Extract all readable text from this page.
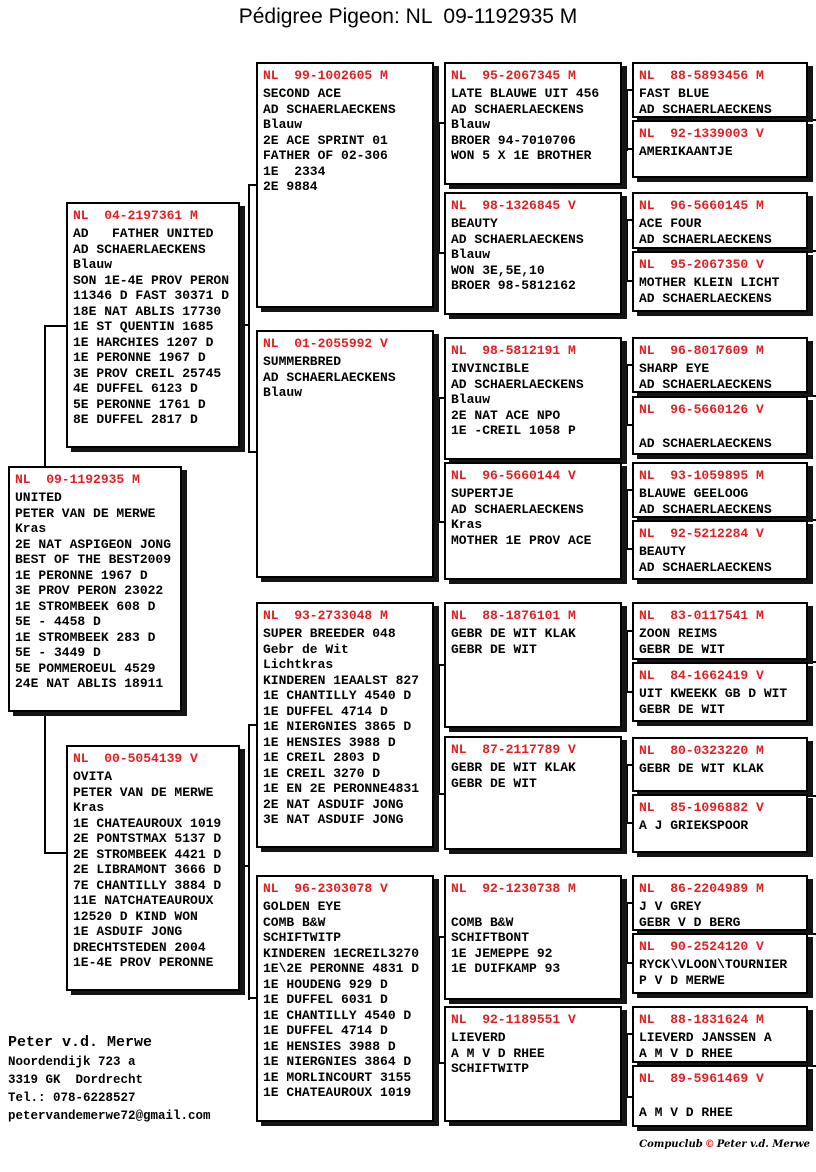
Pédigree Pigeon: NL  09-1192935 M
NL  09-1192935 M
UNITED
PETER VAN DE MERWE
Kras
2E NAT ASPIGEON JONG
BEST OF THE BEST2009
1E PERONNE 1967 D
3E PROV PERON 23022
1E STROMBEEK 608 D
5E - 4458 D
1E STROMBEEK 283 D
5E - 3449 D
5E POMMEROEUL 4529
24E NAT ABLIS 18911
NL  04-2197361 M
AD   FATHER UNITED
AD SCHAERLAECKENS
Blauw
SON 1E-4E PROV PERON
11346 D FAST 30371 D
18E NAT ABLIS 17730
1E ST QUENTIN 1685
1E HARCHIES 1207 D
1E PERONNE 1967 D
3E PROV CREIL 25745
4E DUFFEL 6123 D
5E PERONNE 1761 D
8E DUFFEL 2817 D
NL  00-5054139 V
OVITA
PETER VAN DE MERWE
Kras
1E CHATEAUROUX 1019
2E PONTSTMAX 5137 D
2E STROMBEEK 4421 D
2E LIBRAMONT 3666 D
7E CHANTILLY 3884 D
11E NATCHATEAUROUX
12520 D KIND WON
1E ASDUIF JONG
DRECHTSTEDEN 2004
1E-4E PROV PERONNE
NL  99-1002605 M
SECOND ACE
AD SCHAERLAECKENS
Blauw
2E ACE SPRINT 01
FATHER OF 02-306
1E  2334
2E 9884
NL  01-2055992 V
SUMMERBRED
AD SCHAERLAECKENS
Blauw
NL  93-2733048 M
SUPER BREEDER 048
Gebr de Wit
Lichtkras
KINDEREN 1EAALST 827
1E CHANTILLY 4540 D
1E DUFFEL 4714 D
1E NIERGNIES 3865 D
1E HENSIES 3988 D
1E CREIL 2803 D
1E CREIL 3270 D
1E EN 2E PERONNE4831
2E NAT ASDUIF JONG
3E NAT ASDUIF JONG
NL  96-2303078 V
GOLDEN EYE
COMB B&W
SCHIFTWITP
KINDEREN 1ECREIL3270
1E\2E PERONNE 4831 D
1E HOUDENG 929 D
1E DUFFEL 6031 D
1E CHANTILLY 4540 D
1E DUFFEL 4714 D
1E HENSIES 3988 D
1E NIERGNIES 3864 D
1E MORLINCOURT 3155
1E CHATEAUROUX 1019
NL  95-2067345 M
LATE BLAUWE UIT 456
AD SCHAERLAECKENS
Blauw
BROER 94-7010706
WON 5 X 1E BROTHER
NL  98-1326845 V
BEAUTY
AD SCHAERLAECKENS
Blauw
WON 3E,5E,10
BROER 98-5812162
NL  98-5812191 M
INVINCIBLE
AD SCHAERLAECKENS
Blauw
2E NAT ACE NPO
1E -CREIL 1058 P
NL  96-5660144 V
SUPERTJE
AD SCHAERLAECKENS
Kras
MOTHER 1E PROV ACE
NL  88-1876101 M
GEBR DE WIT KLAK
GEBR DE WIT
NL  87-2117789 V
GEBR DE WIT KLAK
GEBR DE WIT
NL  92-1230738 M
COMB B&W
SCHIFTBONT
1E JEMEPPE 92
1E DUIFKAMP 93
NL  92-1189551 V
LIEVERD
A M V D RHEE
SCHIFTWITP
NL  88-5893456 M
FAST BLUE
AD SCHAERLAECKENS
NL  92-1339003 V
AMERIKAANTJE
NL  96-5660145 M
ACE FOUR
AD SCHAERLAECKENS
NL  95-2067350 V
MOTHER KLEIN LICHT
AD SCHAERLAECKENS
NL  96-8017609 M
SHARP EYE
AD SCHAERLAECKENS
NL  96-5660126 V
AD SCHAERLAECKENS
NL  93-1059895 M
BLAUWE GEELOOG
AD SCHAERLAECKENS
NL  92-5212284 V
BEAUTY
AD SCHAERLAECKENS
NL  83-0117541 M
ZOON REIMS
GEBR DE WIT
NL  84-1662419 V
UIT KWEEKK GB D WIT
GEBR DE WIT
NL  80-0323220 M
GEBR DE WIT KLAK
NL  85-1096882 V
A J GRIEKSPOOR
NL  86-2204989 M
J V GREY
GEBR V D BERG
NL  90-2524120 V
RYCK\VLOON\TOURNIER
P V D MERWE
NL  88-1831624 M
LIEVERD JANSSEN A
A M V D RHEE
NL  89-5961469 V
A M V D RHEE
Peter v.d. Merwe
Noordendijk 723 a
3319 GK  Dordrecht
Tel.: 078-6228527
petervandemerwe72@gmail.com
Compuclub © Peter v.d. Merwe
